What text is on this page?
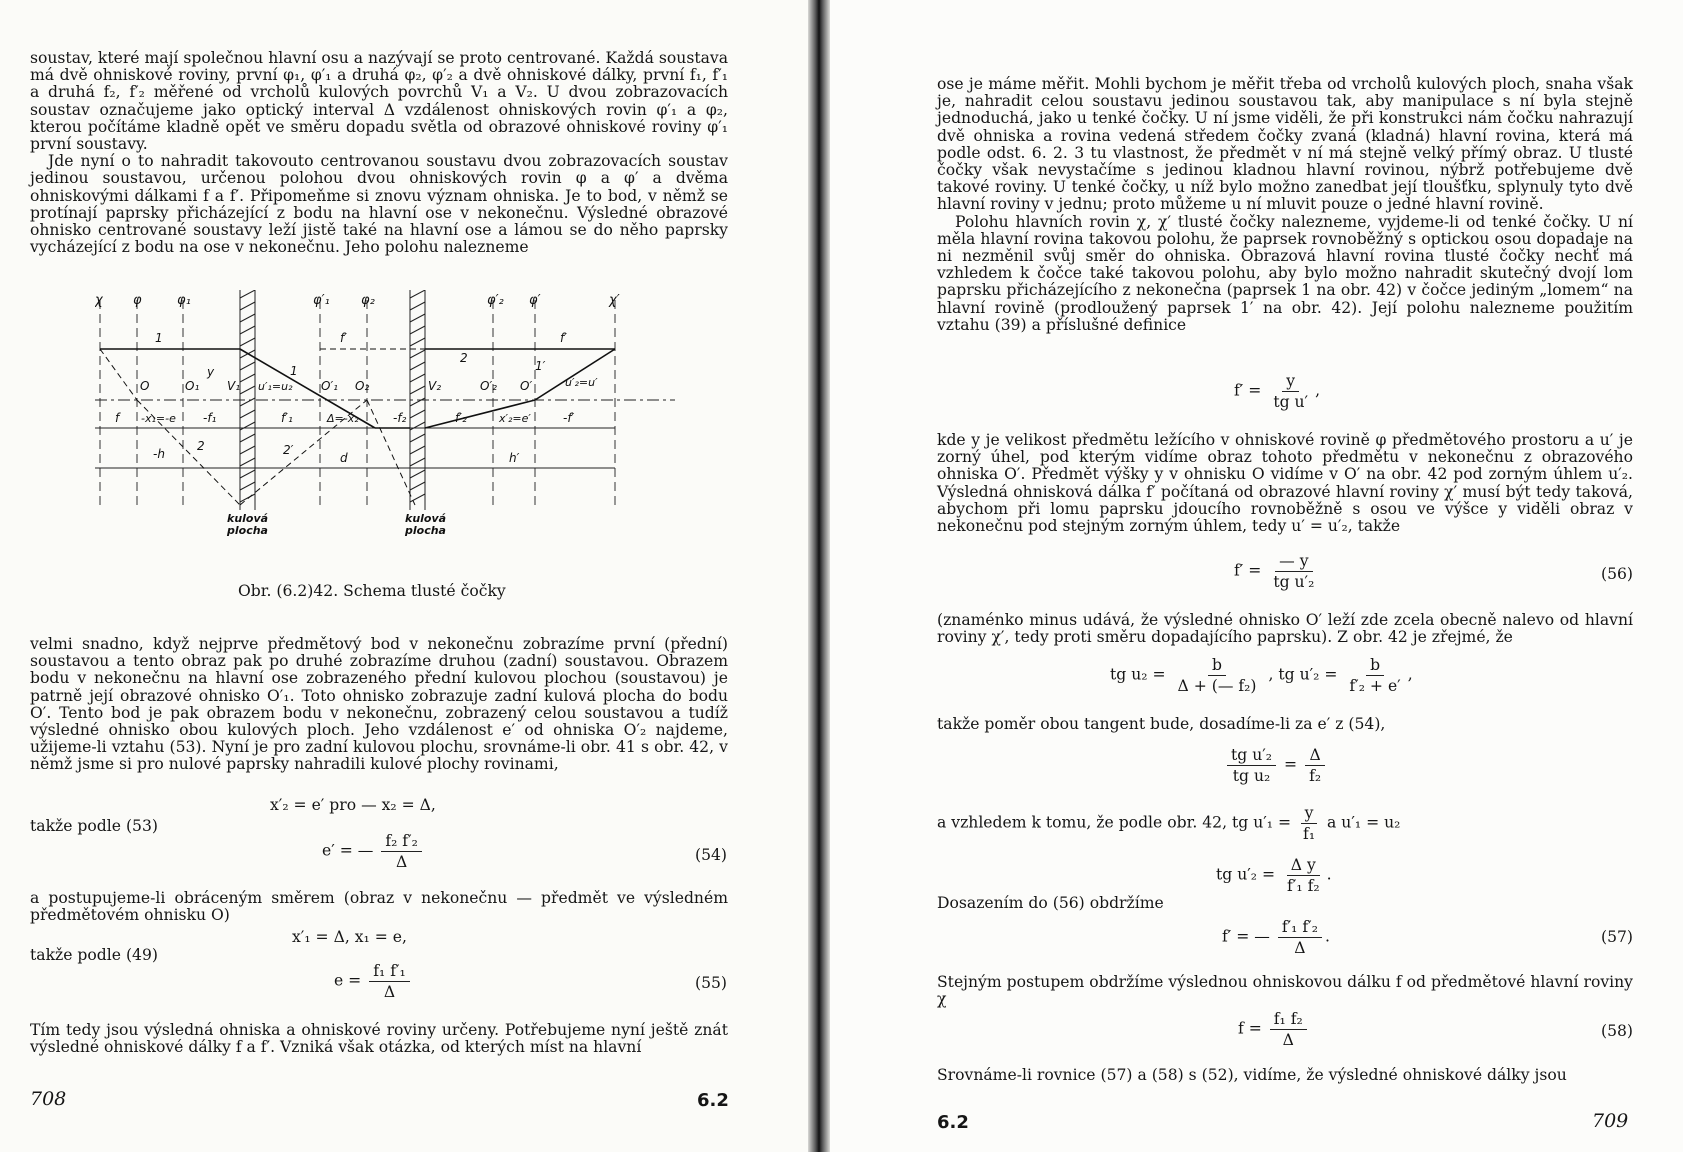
soustav, které mají společnou hlavní osu a nazývají se proto centrované. Každá soustava má dvě ohniskové roviny, první φ₁, φ′₁ a druhá φ₂, φ′₂ a dvě ohniskové dálky, první f₁, f′₁ a druhá f₂, f′₂ měřené od vrcholů kulových povrchů V₁ a V₂. U dvou zobrazovacích soustav označujeme jako optický interval Δ vzdálenost ohniskových rovin φ′₁ a φ₂, kterou počítáme kladně opět ve směru dopadu světla od obrazové ohniskové roviny φ′₁ první soustavy.

Jde nyní o to nahradit takovouto centrovanou soustavu dvou zobrazovacích soustav jedinou soustavou, určenou polohou dvou ohniskových rovin φ a φ′ a dvěma ohniskovými dálkami f a f′. Připomeňme si znovu význam ohniska. Je to bod, v němž se protínají paprsky přicházející z bodu na hlavní ose v nekonečnu. Výsledné obrazové ohnisko centrované soustavy leží jistě také na hlavní ose a lámou se do něho paprsky vycházející z bodu na ose v nekonečnu. Jeho polohu nalezneme

χ φ	φ₁	φ′₁ φ₂	φ′₂ φ′	χ′
1	f′	f′
1	1′
2
2	2′
O	O₁
y
V₁ u′₁=u₂ O′₁ O₂	V₂	O′₂ O′	u′₂=u′
f -x₁=-e -f₁	f′₁	Δ=-x₂	-f₂	f′₂	x′₂=e′	-f′
-h	d	h′
kulová plocha
kulová plocha
Obr. (6.2)42. Schema tlusté čočky

velmi snadno, když nejprve předmětový bod v nekonečnu zobrazíme první (přední) soustavou a tento obraz pak po druhé zobrazíme druhou (zadní) soustavou. Obrazem bodu v nekonečnu na hlavní ose zobrazeného přední kulovou plochou (soustavou) je patrně její obrazové ohnisko O′₁. Toto ohnisko zobrazuje zadní kulová plocha do bodu O′. Tento bod je pak obrazem bodu v nekonečnu, zobrazený celou soustavou a tudíž výsledné ohnisko obou kulových ploch. Jeho vzdálenost e′ od ohniska O′₂ najdeme, užijeme-li vztahu (53). Nyní je pro zadní kulovou plochu, srovnáme-li obr. 41 s obr. 42, v němž jsme si pro nulové paprsky nahradili kulové plochy rovinami,

x′₂ = e′ pro — x₂ = Δ,
takže podle (53)
e′ = — $\frac{\text{f₂ f′₂}}{\Delta}$	(54)

a postupujeme-li obráceným směrem (obraz v nekonečnu — předmět ve výsledném předmětovém ohnisku O)

x′₁ = Δ, x₁ = e,
takže podle (49)
$e = \frac{\text{f₁ f′₁}}{\Delta}$	(55)

Tím tedy jsou výsledná ohniska a ohniskové roviny určeny. Potřebujeme nyní ještě znát výsledné ohniskové dálky f a f′. Vzniká však otázka, od kterých míst na hlavní

708	6.2

ose je máme měřit. Mohli bychom je měřit třeba od vrcholů kulových ploch, snaha však je, nahradit celou soustavu jedinou soustavou tak, aby manipulace s ní byla stejně jednoduchá, jako u tenké čočky. U ní jsme viděli, že při konstrukci nám čočku nahrazují dvě ohniska a rovina vedená středem čočky zvaná (kladná) hlavní rovina, která má podle odst. 6. 2. 3 tu vlastnost, že předmět v ní má stejně velký přímý obraz. U tlusté čočky však nevystačíme s jedinou kladnou hlavní rovinou, nýbrž potřebujeme dvě takové roviny. U tenké čočky, u níž bylo možno zanedbat její tloušťku, splynuly tyto dvě hlavní roviny v jednu; proto můžeme u ní mluvit pouze o jedné hlavní rovině.

Polohu hlavních rovin χ, χ′ tlusté čočky nalezneme, vyjdeme-li od tenké čočky. U ní měla hlavní rovina takovou polohu, že paprsek rovnoběžný s optickou osou dopadaje na ni nezměnil svůj směr do ohniska. Obrazová hlavní rovina tlusté čočky nechť má vzhledem k čočce také takovou polohu, aby bylo možno nahradit skutečný dvojí lom paprsku přicházejícího z nekonečna (paprsek 1 na obr. 42) v čočce jediným „lomem“ na hlavní rovině (prodloužený paprsek 1′ na obr. 42). Její polohu nalezneme použitím vztahu (39) a příslušné definice

$f' = \frac{y}{\text{tg u′}}$ ,

kde y je velikost předmětu ležícího v ohniskové rovině φ předmětového prostoru a u′ je zorný úhel, pod kterým vidíme obraz tohoto předmětu v nekonečnu z obrazového ohniska O′. Předmět výšky y v ohnisku O vidíme v O′ na obr. 42 pod zorným úhlem u′₂. Výsledná ohnisková dálka f′ počítaná od obrazové hlavní roviny χ′ musí být tedy taková, abychom při lomu paprsku jdoucího rovnoběžně s osou ve výšce y viděli obraz v nekonečnu pod stejným zorným úhlem, tedy u′ = u′₂, takže

$f' = \frac{— y}{\text{tg u′₂}}$	(56)

(znaménko minus udává, že výsledné ohnisko O′ leží zde zcela obecně nalevo od hlavní roviny χ′, tedy proti směru dopadajícího paprsku). Z obr. 42 je zřejmé, že

tg $u_2 = \frac{b}{\text{Δ + (— f₂)}}$ , tg $u'_2 = \frac{b}{\text{f′₂ + e′}}$ ,
takže poměr obou tangent bude, dosadíme-li za e′ z (54),
$\frac{\text{tg u′₂}}{\text{tg u₂}} = \frac{\Delta}{\text{f₂}}$
a vzhledem k tomu, že podle obr. 42, tg $u'_1 = \frac{y}{\text{f₁}}$ a u′₁ = u₂
tg $u'_2 = \frac{\text{Δ y}}{\text{f′₁ f₂}}$ .
Dosazením do (56) obdržíme
f′ = — $\frac{\text{f′₁ f′₂}}{\Delta}$ .	(57)

Stejným postupem obdržíme výslednou ohniskovou dálku f od předmětové hlavní roviny χ

$f = \frac{\text{f₁ f₂}}{\Delta}$	(58)
Srovnáme-li rovnice (57) a (58) s (52), vidíme, že výsledné ohniskové dálky jsou
6.2	709
